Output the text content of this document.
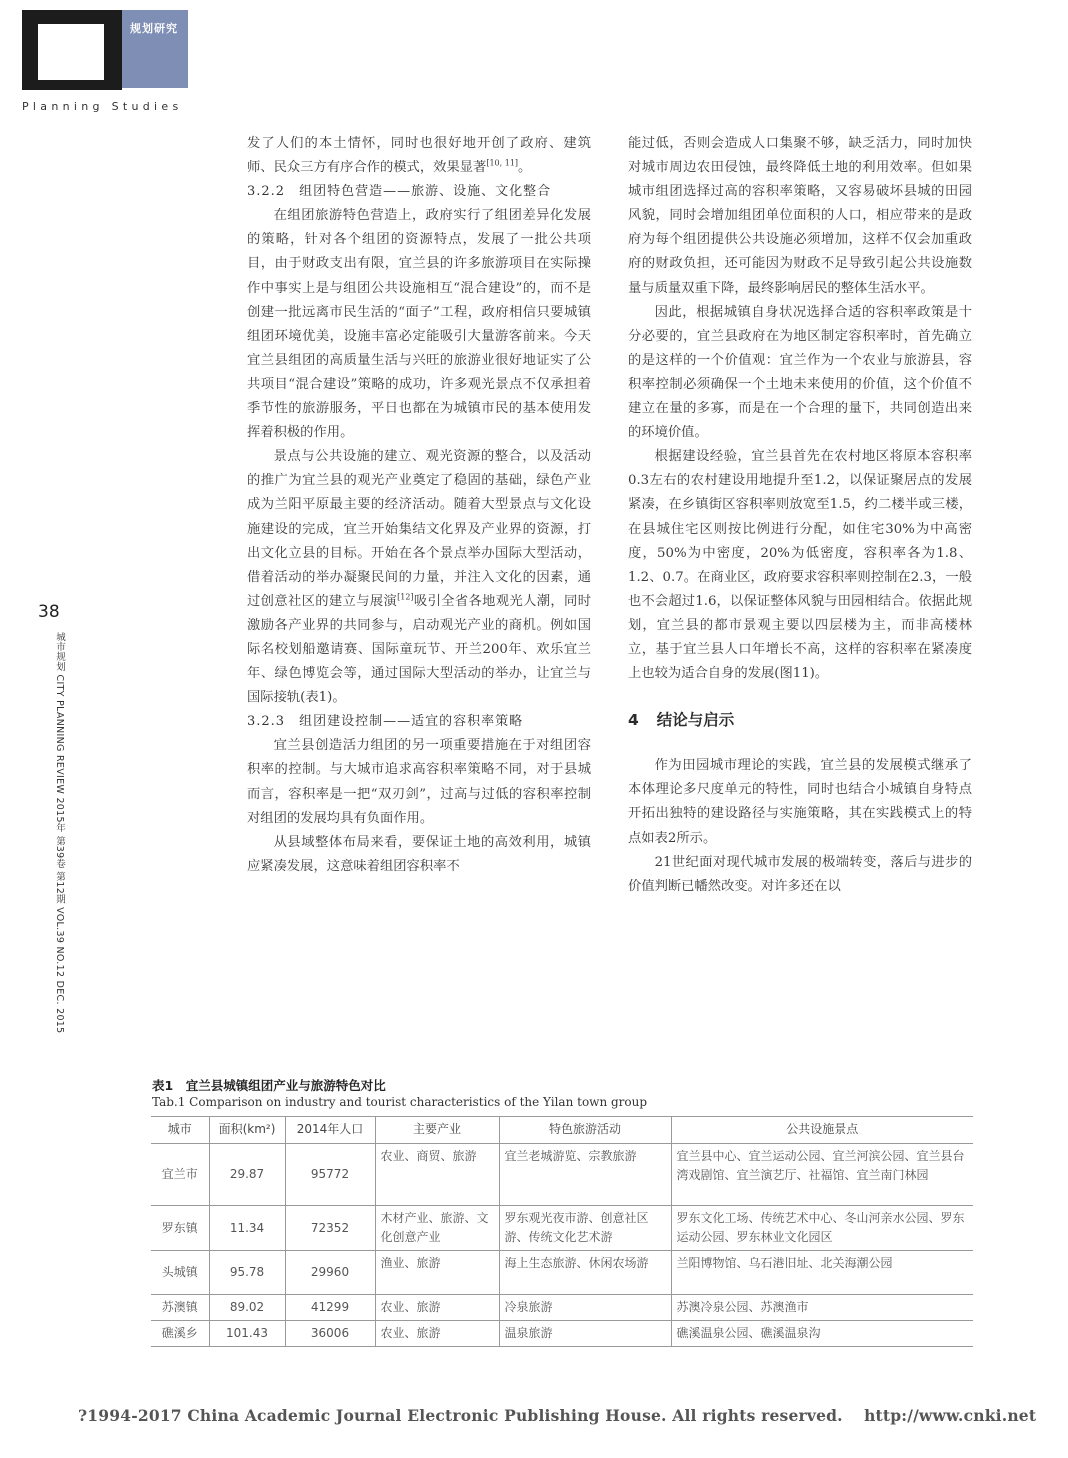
规划研究
Planning Studies
38
城市规划 CITY PLANNING REVIEW 2015年 第39卷 第12期 VOL.39 NO.12 DEC. 2015

发了人们的本土情怀，同时也很好地开创了政府、建筑师、民众三方有序合作的模式，效果显著[10, 11]。

3.2.2　组团特色营造——旅游、设施、文化整合

在组团旅游特色营造上，政府实行了组团差异化发展的策略，针对各个组团的资源特点，发展了一批公共项目，由于财政支出有限，宜兰县的许多旅游项目在实际操作中事实上是与组团公共设施相互“混合建设”的，而不是创建一批远离市民生活的“面子”工程，政府相信只要城镇组团环境优美，设施丰富必定能吸引大量游客前来。今天宜兰县组团的高质量生活与兴旺的旅游业很好地证实了公共项目“混合建设”策略的成功，许多观光景点不仅承担着季节性的旅游服务，平日也都在为城镇市民的基本使用发挥着积极的作用。

景点与公共设施的建立、观光资源的整合，以及活动的推广为宜兰县的观光产业奠定了稳固的基础，绿色产业成为兰阳平原最主要的经济活动。随着大型景点与文化设施建设的完成，宜兰开始集结文化界及产业界的资源，打出文化立县的目标。开始在各个景点举办国际大型活动，借着活动的举办凝聚民间的力量，并注入文化的因素，通过创意社区的建立与展演[12]吸引全省各地观光人潮，同时激励各产业界的共同参与，启动观光产业的商机。例如国际名校划船邀请赛、国际童玩节、开兰200年、欢乐宜兰年、绿色博览会等，通过国际大型活动的举办，让宜兰与国际接轨(表1)。

3.2.3　组团建设控制——适宜的容积率策略

宜兰县创造活力组团的另一项重要措施在于对组团容积率的控制。与大城市追求高容积率策略不同，对于县城而言，容积率是一把“双刃剑”，过高与过低的容积率控制对组团的发展均具有负面作用。

从县域整体布局来看，要保证土地的高效利用，城镇应紧凑发展，这意味着组团容积率不

能过低，否则会造成人口集聚不够，缺乏活力，同时加快对城市周边农田侵蚀，最终降低土地的利用效率。但如果城市组团选择过高的容积率策略，又容易破坏县城的田园风貌，同时会增加组团单位面积的人口，相应带来的是政府为每个组团提供公共设施必须增加，这样不仅会加重政府的财政负担，还可能因为财政不足导致引起公共设施数量与质量双重下降，最终影响居民的整体生活水平。

因此，根据城镇自身状况选择合适的容积率政策是十分必要的，宜兰县政府在为地区制定容积率时，首先确立的是这样的一个价值观：宜兰作为一个农业与旅游县，容积率控制必须确保一个土地未来使用的价值，这个价值不建立在量的多寡，而是在一个合理的量下，共同创造出来的环境价值。

根据建设经验，宜兰县首先在农村地区将原本容积率0.3左右的农村建设用地提升至1.2，以保证聚居点的发展紧凑，在乡镇街区容积率则放宽至1.5，约二楼半或三楼，在县城住宅区则按比例进行分配，如住宅30%为中高密度，50%为中密度，20%为低密度，容积率各为1.8、1.2、0.7。在商业区，政府要求容积率则控制在2.3，一般也不会超过1.6，以保证整体风貌与田园相结合。依据此规划，宜兰县的都市景观主要以四层楼为主，而非高楼林立，基于宜兰县人口年增长不高，这样的容积率在紧凑度上也较为适合自身的发展(图11)。

4 结论与启示

作为田园城市理论的实践，宜兰县的发展模式继承了本体理论多尺度单元的特性，同时也结合小城镇自身特点开拓出独特的建设路径与实施策略，其在实践模式上的特点如表2所示。

21世纪面对现代城市发展的极端转变，落后与进步的价值判断已幡然改变。对许多还在以

表1　宜兰县城镇组团产业与旅游特色对比
Tab.1 Comparison on industry and tourist characteristics of the Yilan town group
城市	面积(km²)	2014年人口	主要产业	特色旅游活动	公共设施景点
宜兰市	29.87	95772	农业、商贸、旅游	宜兰老城游览、宗教旅游	宜兰县中心、宜兰运动公园、宜兰河滨公园、宜兰县台湾戏剧馆、宜兰演艺厅、社福馆、宜兰南门林园
罗东镇	11.34	72352	木材产业、旅游、文化创意产业	罗东观光夜市游、创意社区游、传统文化艺术游	罗东文化工场、传统艺术中心、冬山河亲水公园、罗东运动公园、罗东林业文化园区
头城镇	95.78	29960	渔业、旅游	海上生态旅游、休闲农场游	兰阳博物馆、乌石港旧址、北关海潮公园
苏澳镇	89.02	41299	农业、旅游	冷泉旅游	苏澳冷泉公园、苏澳渔市
礁溪乡	101.43	36006	农业、旅游	温泉旅游	礁溪温泉公园、礁溪温泉沟
?1994-2017 China Academic Journal Electronic Publishing House. All rights reserved.　 http://www.cnki.net
